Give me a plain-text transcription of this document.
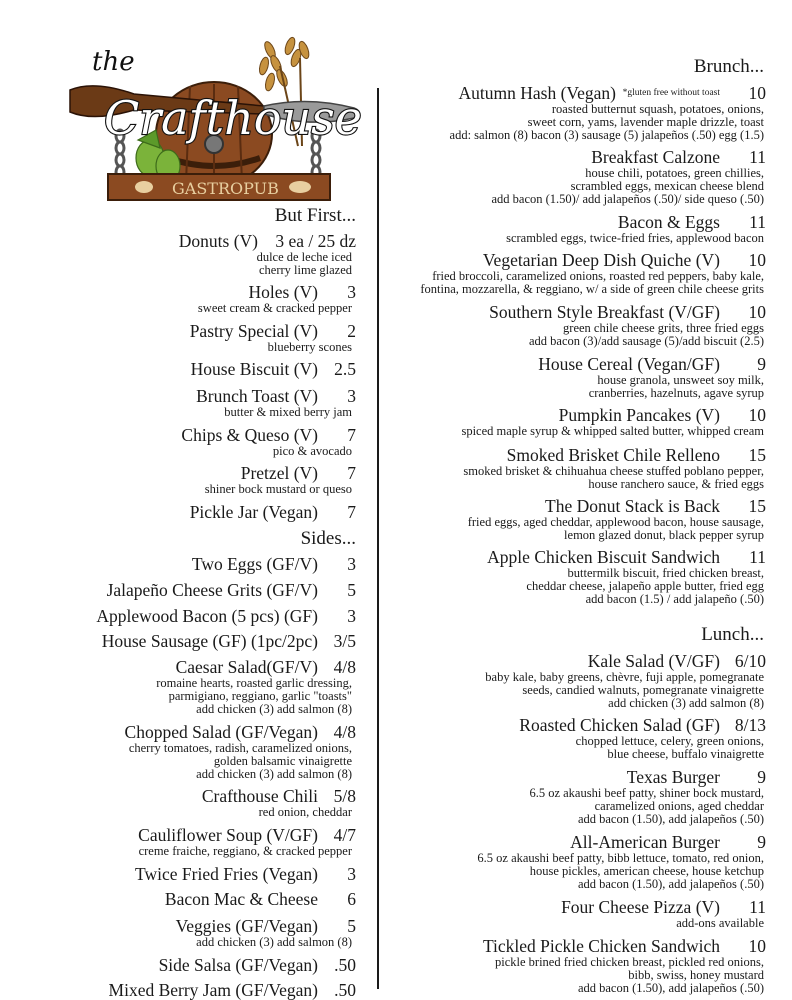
the
Crafthouse
GASTROPUB
But First...
Sides...
Donuts (V) 3 ea / 25 dz
dulce de leche iced
cherry lime glazed
Holes (V) 3
sweet cream & cracked pepper
Pastry Special (V) 2
blueberry scones
House Biscuit (V) 2.5
Brunch Toast (V) 3
butter & mixed berry jam
Chips & Queso (V) 7
pico & avocado
Pretzel (V) 7
shiner bock mustard or queso
Pickle Jar (Vegan) 7
Two Eggs (GF/V) 3
Jalapeño Cheese Grits (GF/V) 5
Applewood Bacon (5 pcs) (GF) 3
House Sausage (GF) (1pc/2pc) 3/5
Caesar Salad(GF/V) 4/8
romaine hearts, roasted garlic dressing,
parmigiano, reggiano, garlic "toasts"
add chicken (3) add salmon (8)
Chopped Salad (GF/Vegan) 4/8
cherry tomatoes, radish, caramelized onions,
golden balsamic vinaigrette
add chicken (3) add salmon (8)
Crafthouse Chili 5/8
red onion, cheddar
Cauliflower Soup (V/GF) 4/7
creme fraiche, reggiano, & cracked pepper
Twice Fried Fries (Vegan) 3
Bacon Mac & Cheese 6
Veggies (GF/Vegan) 5
add chicken (3) add salmon (8)
Side Salsa (GF/Vegan) .50
Mixed Berry Jam (GF/Vegan) .50
Brunch...
Lunch...
Autumn Hash (Vegan) *gluten free without toast 10
roasted butternut squash, potatoes, onions,
sweet corn, yams, lavender maple drizzle, toast
add: salmon (8) bacon (3) sausage (5) jalapeños (.50) egg (1.5)
Breakfast Calzone 11
house chili, potatoes, green chillies,
scrambled eggs, mexican cheese blend
add bacon (1.50)/ add jalapeños (.50)/ side queso (.50)
Bacon & Eggs 11
scrambled eggs, twice-fried fries, applewood bacon
Vegetarian Deep Dish Quiche (V) 10
fried broccoli, caramelized onions, roasted red peppers, baby kale,
fontina, mozzarella, & reggiano, w/ a side of green chile cheese grits
Southern Style Breakfast (V/GF) 10
green chile cheese grits, three fried eggs
add bacon (3)/add sausage (5)/add biscuit (2.5)
House Cereal (Vegan/GF) 9
house granola, unsweet soy milk,
cranberries, hazelnuts, agave syrup
Pumpkin Pancakes (V) 10
spiced maple syrup & whipped salted butter, whipped cream
Smoked Brisket Chile Relleno 15
smoked brisket & chihuahua cheese stuffed poblano pepper,
house ranchero sauce, & fried eggs
The Donut Stack is Back 15
fried eggs, aged cheddar, applewood bacon, house sausage,
lemon glazed donut, black pepper syrup
Apple Chicken Biscuit Sandwich 11
buttermilk biscuit, fried chicken breast,
cheddar cheese, jalapeño apple butter, fried egg
add bacon (1.5) / add jalapeño (.50)
Kale Salad (V/GF) 6/10
baby kale, baby greens, chèvre, fuji apple, pomegranate
seeds, candied walnuts, pomegranate vinaigrette
add chicken (3) add salmon (8)
Roasted Chicken Salad (GF) 8/13
chopped lettuce, celery, green onions,
blue cheese, buffalo vinaigrette
Texas Burger 9
6.5 oz akaushi beef patty, shiner bock mustard,
caramelized onions, aged cheddar
add bacon (1.50), add jalapeños (.50)
All-American Burger 9
6.5 oz akaushi beef patty, bibb lettuce, tomato, red onion,
house pickles, american cheese, house ketchup
add bacon (1.50), add jalapeños (.50)
Four Cheese Pizza (V) 11
add-ons available
Tickled Pickle Chicken Sandwich 10
pickle brined fried chicken breast, pickled red onions,
bibb, swiss, honey mustard
add bacon (1.50), add jalapeños (.50)
